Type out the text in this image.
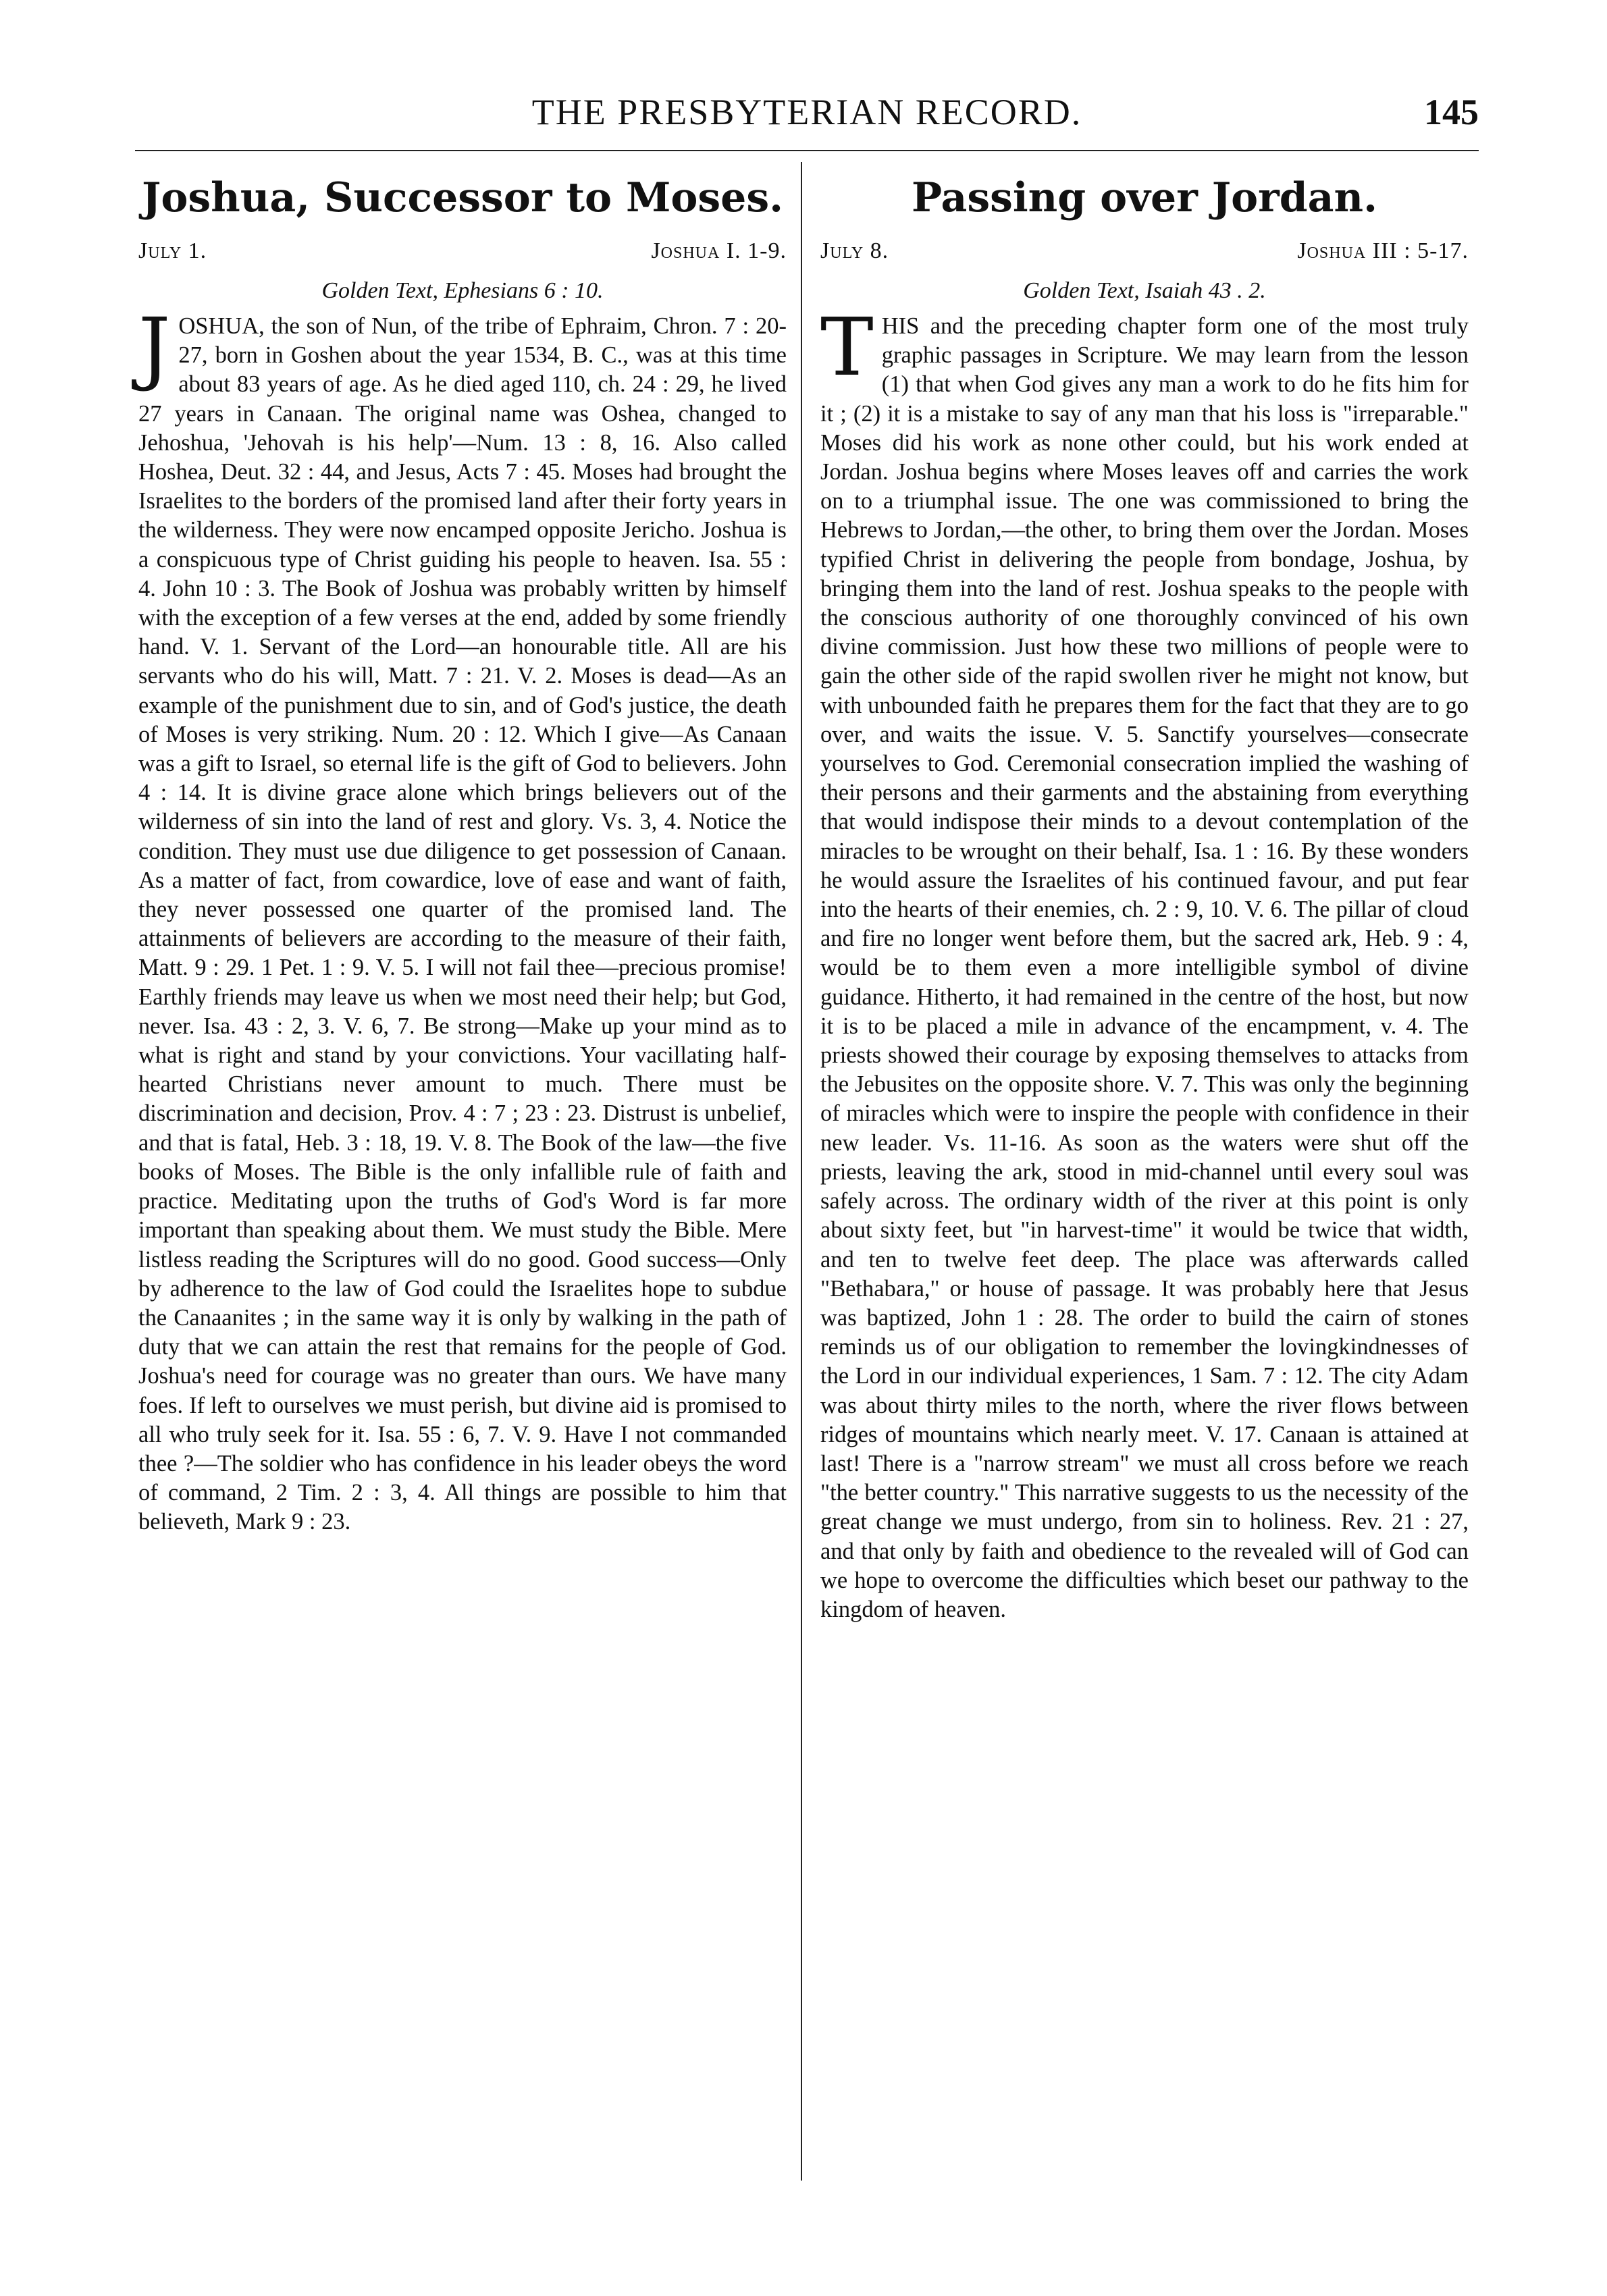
THE PRESBYTERIAN RECORD.	145
Joshua, Successor to Moses.
July 1.	Joshua I. 1-9.
Golden Text, Ephesians 6 : 10.

JOSHUA, the son of Nun, of the tribe of Ephraim, Chron. 7 : 20-27, born in Goshen about the year 1534, B. C., was at this time about 83 years of age. As he died aged 110, ch. 24 : 29, he lived 27 years in Canaan. The original name was Oshea, changed to Jehoshua, 'Jehovah is his help'—Num. 13 : 8, 16. Also called Hoshea, Deut. 32 : 44, and Jesus, Acts 7 : 45. Moses had brought the Israelites to the borders of the promised land after their forty years in the wilderness. They were now encamped opposite Jericho. Joshua is a conspicuous type of Christ guiding his people to heaven. Isa. 55 : 4. John 10 : 3. The Book of Joshua was probably written by himself with the exception of a few verses at the end, added by some friendly hand. V. 1. Servant of the Lord—an honourable title. All are his servants who do his will, Matt. 7 : 21. V. 2. Moses is dead—As an example of the punishment due to sin, and of God's justice, the death of Moses is very striking. Num. 20 : 12. Which I give—As Canaan was a gift to Israel, so eternal life is the gift of God to believers. John 4 : 14. It is divine grace alone which brings believers out of the wilderness of sin into the land of rest and glory. Vs. 3, 4. Notice the condition. They must use due diligence to get possession of Canaan. As a matter of fact, from cowardice, love of ease and want of faith, they never possessed one quarter of the promised land. The attainments of believers are according to the measure of their faith, Matt. 9 : 29. 1 Pet. 1 : 9. V. 5. I will not fail thee—precious promise! Earthly friends may leave us when we most need their help; but God, never. Isa. 43 : 2, 3. V. 6, 7. Be strong—Make up your mind as to what is right and stand by your convictions. Your vacillating half-hearted Christians never amount to much. There must be discrimination and decision, Prov. 4 : 7 ; 23 : 23. Distrust is unbelief, and that is fatal, Heb. 3 : 18, 19. V. 8. The Book of the law—the five books of Moses. The Bible is the only infallible rule of faith and practice. Meditating upon the truths of God's Word is far more important than speaking about them. We must study the Bible. Mere listless reading the Scriptures will do no good. Good success—Only by adherence to the law of God could the Israelites hope to subdue the Canaanites ; in the same way it is only by walking in the path of duty that we can attain the rest that remains for the people of God. Joshua's need for courage was no greater than ours. We have many foes. If left to ourselves we must perish, but divine aid is promised to all who truly seek for it. Isa. 55 : 6, 7. V. 9. Have I not commanded thee ?—The soldier who has confidence in his leader obeys the word of command, 2 Tim. 2 : 3, 4. All things are possible to him that believeth, Mark 9 : 23.

Passing over Jordan.
July 8.	Joshua III : 5-17.
Golden Text, Isaiah 43 . 2.

THIS and the preceding chapter form one of the most truly graphic passages in Scripture. We may learn from the lesson (1) that when God gives any man a work to do he fits him for it ; (2) it is a mistake to say of any man that his loss is "irreparable." Moses did his work as none other could, but his work ended at Jordan. Joshua begins where Moses leaves off and carries the work on to a triumphal issue. The one was commissioned to bring the Hebrews to Jordan,—the other, to bring them over the Jordan. Moses typified Christ in delivering the people from bondage, Joshua, by bringing them into the land of rest. Joshua speaks to the people with the conscious authority of one thoroughly convinced of his own divine commission. Just how these two millions of people were to gain the other side of the rapid swollen river he might not know, but with unbounded faith he prepares them for the fact that they are to go over, and waits the issue. V. 5. Sanctify yourselves—consecrate yourselves to God. Ceremonial consecration implied the washing of their persons and their garments and the abstaining from everything that would indispose their minds to a devout contemplation of the miracles to be wrought on their behalf, Isa. 1 : 16. By these wonders he would assure the Israelites of his continued favour, and put fear into the hearts of their enemies, ch. 2 : 9, 10. V. 6. The pillar of cloud and fire no longer went before them, but the sacred ark, Heb. 9 : 4, would be to them even a more intelligible symbol of divine guidance. Hitherto, it had remained in the centre of the host, but now it is to be placed a mile in advance of the encampment, v. 4. The priests showed their courage by exposing themselves to attacks from the Jebusites on the opposite shore. V. 7. This was only the beginning of miracles which were to inspire the people with confidence in their new leader. Vs. 11-16. As soon as the waters were shut off the priests, leaving the ark, stood in mid-channel until every soul was safely across. The ordinary width of the river at this point is only about sixty feet, but "in harvest-time" it would be twice that width, and ten to twelve feet deep. The place was afterwards called "Bethabara," or house of passage. It was probably here that Jesus was baptized, John 1 : 28. The order to build the cairn of stones reminds us of our obligation to remember the lovingkindnesses of the Lord in our individual experiences, 1 Sam. 7 : 12. The city Adam was about thirty miles to the north, where the river flows between ridges of mountains which nearly meet. V. 17. Canaan is attained at last! There is a "narrow stream" we must all cross before we reach "the better country." This narrative suggests to us the necessity of the great change we must undergo, from sin to holiness. Rev. 21 : 27, and that only by faith and obedience to the revealed will of God can we hope to overcome the difficulties which beset our pathway to the kingdom of heaven.
